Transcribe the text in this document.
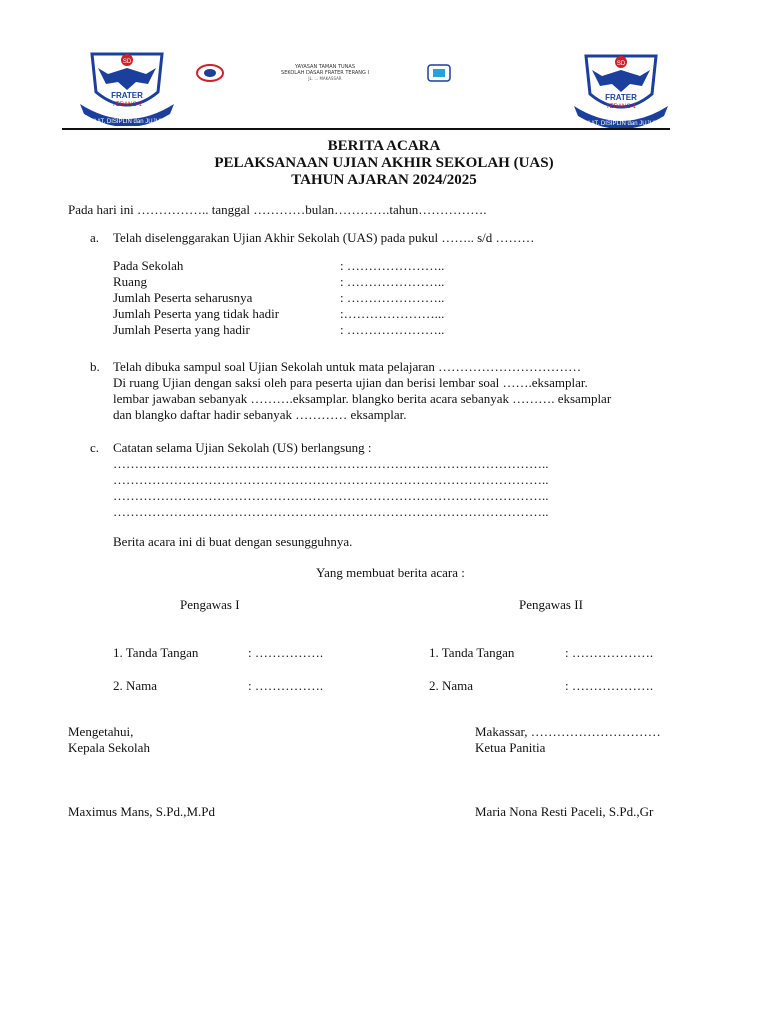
SD
FRATER
TERANG 1
TAAT, DISIPLIN dan JUJUR
YAYASAN TAMAN TUNAS
SEKOLAH DASAR FRATER TERANG I
JL. ... MAKASSAR
SD
FRATER
TERANG 1
TAAT, DISIPLIN dan JUJUR
BERITA ACARA
PELAKSANAAN UJIAN AKHIR SEKOLAH (UAS)
TAHUN AJARAN 2024/2025
Pada hari ini …………….. tanggal …………bulan………….tahun…………….
a. Telah diselenggarakan Ujian Akhir Sekolah (UAS) pada pukul …….. s/d ………
Pada Sekolah	: …………………..
Ruang	: …………………..
Jumlah Peserta seharusnya	: …………………..
Jumlah Peserta yang tidak hadir	:…………………...
Jumlah Peserta yang hadir	: …………………..
b. Telah dibuka sampul soal Ujian Sekolah untuk mata pelajaran ……………………………
Di ruang Ujian dengan saksi oleh para peserta ujian dan berisi lembar soal …….eksamplar.
lembar jawaban sebanyak ……….eksamplar. blangko berita acara sebanyak ………. eksamplar
dan blangko daftar hadir sebanyak ………… eksamplar.
c. Catatan selama Ujian Sekolah (US) berlangsung :
………………………………………………………………………………………..
………………………………………………………………………………………..
………………………………………………………………………………………..
………………………………………………………………………………………..
Berita acara ini di buat dengan sesungguhnya.
Yang membuat berita acara :
Pengawas I	Pengawas II
1. Tanda Tangan	: …………….	1. Tanda Tangan	: ……………….
2. Nama	: …………….	2. Nama	: ……………….
Mengetahui,
Kepala Sekolah
Makassar, …………………………
Ketua Panitia
Maximus Mans, S.Pd.,M.Pd	Maria Nona Resti Paceli, S.Pd.,Gr
